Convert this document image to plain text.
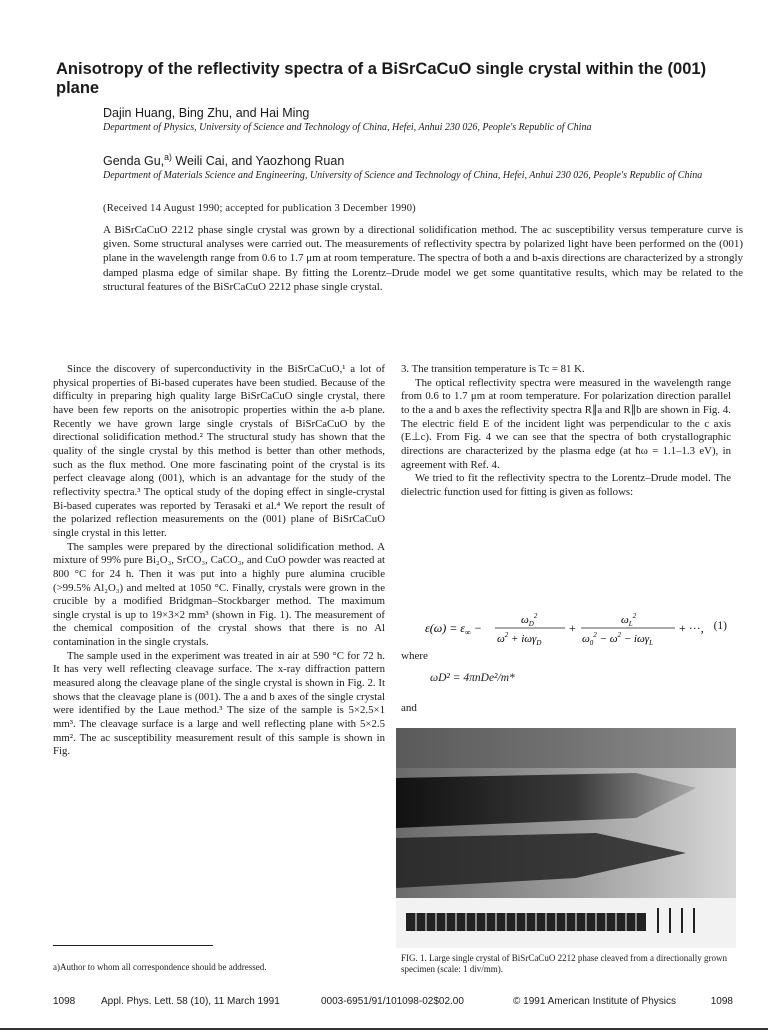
Anisotropy of the reflectivity spectra of a BiSrCaCuO single crystal within the (001) plane
Dajin Huang, Bing Zhu, and Hai Ming
Department of Physics, University of Science and Technology of China, Hefei, Anhui 230 026, People's Republic of China
Genda Gu,$^{a)}$ Weili Cai, and Yaozhong Ruan
Department of Materials Science and Engineering, University of Science and Technology of China, Hefei, Anhui 230 026, People's Republic of China
(Received 14 August 1990; accepted for publication 3 December 1990)
A BiSrCaCuO 2212 phase single crystal was grown by a directional solidification method. The ac susceptibility versus temperature curve is given. Some structural analyses were carried out. The measurements of reflectivity spectra by polarized light have been performed on the (001) plane in the wavelength range from 0.6 to 1.7 μm at room temperature. The spectra of both a and b-axis directions are characterized by a strongly damped plasma edge of similar shape. By fitting the Lorentz–Drude model we get some quantitative results, which may be related to the structural features of the BiSrCaCuO 2212 phase single crystal.

Since the discovery of superconductivity in the BiSrCaCuO,¹ a lot of physical properties of Bi-based cuperates have been studied. Because of the difficulty in preparing high quality large BiSrCaCuO single crystal, there have been few reports on the anisotropic properties within the a-b plane. Recently we have grown large single crystals of BiSrCaCuO by the directional solidification method.² The structural study has shown that the quality of the single crystal by this method is better than other methods, such as the flux method. One more fascinating point of the crystal is its perfect cleavage along (001), which is an advantage for the study of the reflectivity spectra.³ The optical study of the doping effect in single-crystal Bi-based cuperates was reported by Terasaki et al.⁴ We report the result of the polarized reflection measurements on the (001) plane of BiSrCaCuO single crystal in this letter.

The samples were prepared by the directional solidification method. A mixture of 99% pure Bi₂O₃, SrCO₃, CaCO₃, and CuO powder was reacted at 800 °C for 24 h. Then it was put into a highly pure alumina crucible (>99.5% Al₂O₃) and melted at 1050 °C. Finally, crystals were grown in the crucible by a modified Bridgman–Stockbarger method. The maximum single crystal is up to 19×3×2 mm³ (shown in Fig. 1). The measurement of the chemical composition of the crystal shows that there is no Al contamination in the single crystals.

The sample used in the experiment was treated in air at 590 °C for 72 h. It has very well reflecting cleavage surface. The x-ray diffraction pattern measured along the cleavage plane of the single crystal is shown in Fig. 2. It shows that the cleavage plane is (001). The a and b axes of the single crystal were identified by the Laue method.³ The size of the sample is 5×2.5×1 mm³. The cleavage surface is a large and well reflecting plane with 5×2.5 mm². The ac susceptibility measurement result of this sample is shown in Fig.

3. The transition temperature is Tc = 81 K.

The optical reflectivity spectra were measured in the wavelength range from 0.6 to 1.7 μm at room temperature. For polarization direction parallel to the a and b axes the reflectivity spectra R∥a and R∥b are shown in Fig. 4. The electric field E of the incident light was perpendicular to the c axis (E⊥c). From Fig. 4 we can see that the spectra of both crystallographic directions are characterized by the plasma edge (at ħω = 1.1–1.3 eV), in agreement with Ref. 4.

We tried to fit the reflectivity spectra to the Lorentz–Drude model. The dielectric function used for fitting is given as follows:

$\varepsilon(\omega) = \varepsilon_\infty$ −
$\omega_D^2$
$\omega^2 + i\omega\gamma_D$
+
$\omega_L^2$
$\omega_0^2 - \omega^2 - i\omega\gamma_L$
+ ···, (1)
where
ωD² = 4πnDe²/m*
and
FIG. 1. Large single crystal of BiSrCaCuO 2212 phase cleaved from a directionally grown specimen (scale: 1 div/mm).
a)Author to whom all correspondence should be addressed.
1098	Appl. Phys. Lett. 58 (10), 11 March 1991	0003-6951/91/101098-02$02.00	© 1991 American Institute of Physics	1098
